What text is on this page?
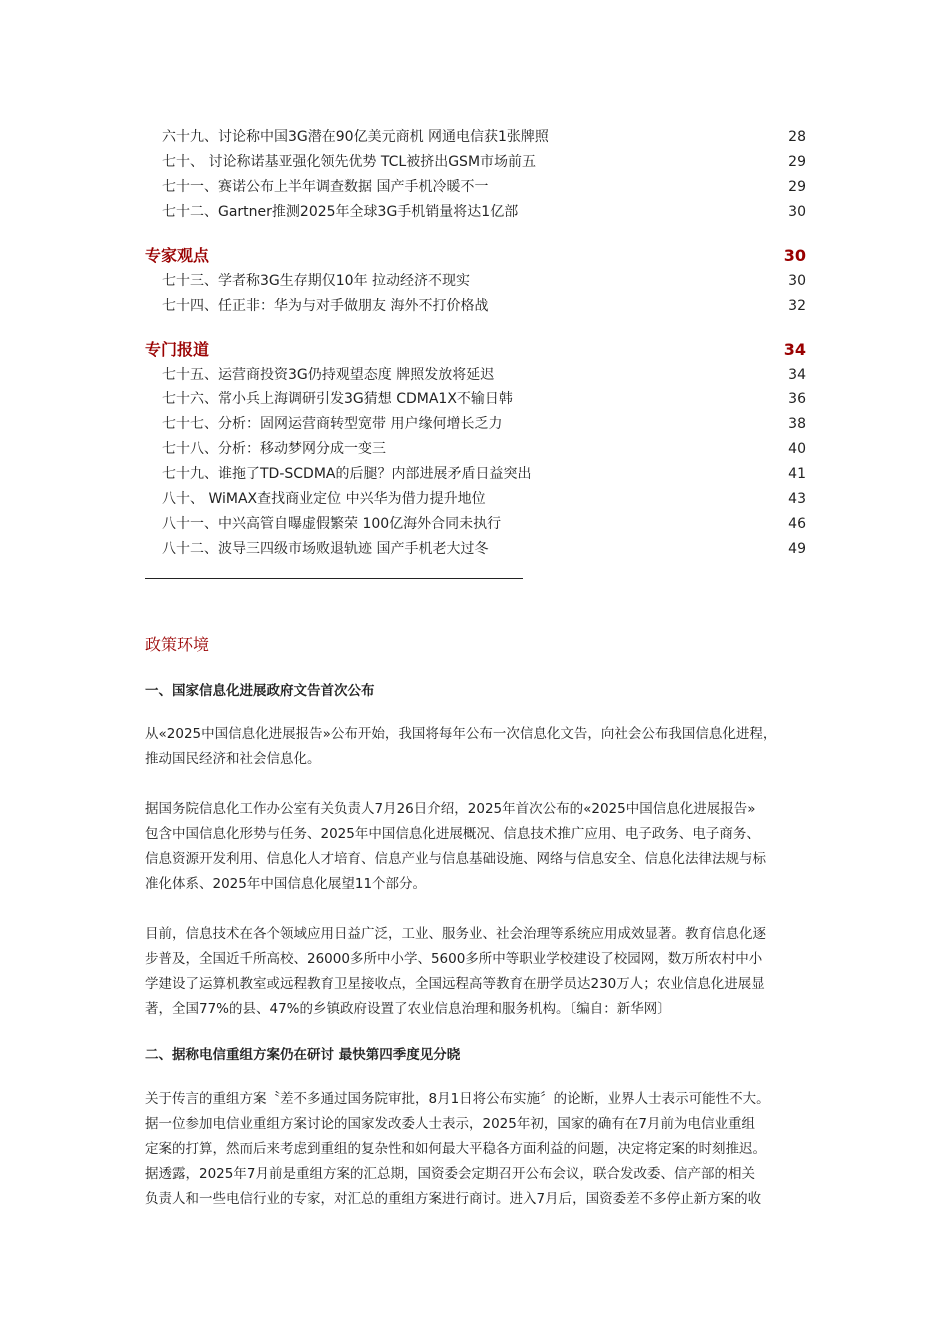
六十九、讨论称中国3G潜在90亿美元商机 网通电信获1张牌照	28
七十、 讨论称诺基亚强化领先优势 TCL被挤出GSM市场前五	29
七十一、赛诺公布上半年调查数据 国产手机冷暖不一	29
七十二、Gartner推测2025年全球3G手机销量将达1亿部	30
专家观点	30
七十三、学者称3G生存期仅10年 拉动经济不现实	30
七十四、任正非：华为与对手做朋友 海外不打价格战	32
专门报道	34
七十五、运营商投资3G仍持观望态度 牌照发放将延迟	34
七十六、常小兵上海调研引发3G猜想 CDMA1X不输日韩	36
七十七、分析：固网运营商转型宽带 用户缘何增长乏力	38
七十八、分析：移动梦网分成一变三	40
七十九、谁拖了TD-SCDMA的后腿？内部进展矛盾日益突出	41
八十、 WiMAX查找商业定位 中兴华为借力提升地位	43
八十一、中兴高管自曝虚假繁荣 100亿海外合同未执行	46
八十二、波导三四级市场败退轨迹 国产手机老大过冬	49
政策环境
一、国家信息化进展政府文告首次公布
从«2025中国信息化进展报告»公布开始，我国将每年公布一次信息化文告，向社会公布我国信息化进程，
推动国民经济和社会信息化。
据国务院信息化工作办公室有关负责人7月26日介绍，2025年首次公布的«2025中国信息化进展报告»
包含中国信息化形势与任务、2025年中国信息化进展概况、信息技术推广应用、电子政务、电子商务、
信息资源开发利用、信息化人才培育、信息产业与信息基础设施、网络与信息安全、信息化法律法规与标
准化体系、2025年中国信息化展望11个部分。
目前，信息技术在各个领域应用日益广泛，工业、服务业、社会治理等系统应用成效显著。教育信息化逐
步普及，全国近千所高校、26000多所中小学、5600多所中等职业学校建设了校园网，数万所农村中小
学建设了运算机教室或远程教育卫星接收点，全国远程高等教育在册学员达230万人；农业信息化进展显
著，全国77%的县、47%的乡镇政府设置了农业信息治理和服务机构。〔编自：新华网〕
二、据称电信重组方案仍在研讨 最快第四季度见分晓
关于传言的重组方案〝差不多通过国务院审批，8月1日将公布实施〞的论断，业界人士表示可能性不大。
据一位参加电信业重组方案讨论的国家发改委人士表示，2025年初，国家的确有在7月前为电信业重组
定案的打算，然而后来考虑到重组的复杂性和如何最大平稳各方面利益的问题，决定将定案的时刻推迟。
据透露，2025年7月前是重组方案的汇总期，国资委会定期召开公布会议，联合发改委、信产部的相关
负责人和一些电信行业的专家，对汇总的重组方案进行商讨。进入7月后，国资委差不多停止新方案的收
